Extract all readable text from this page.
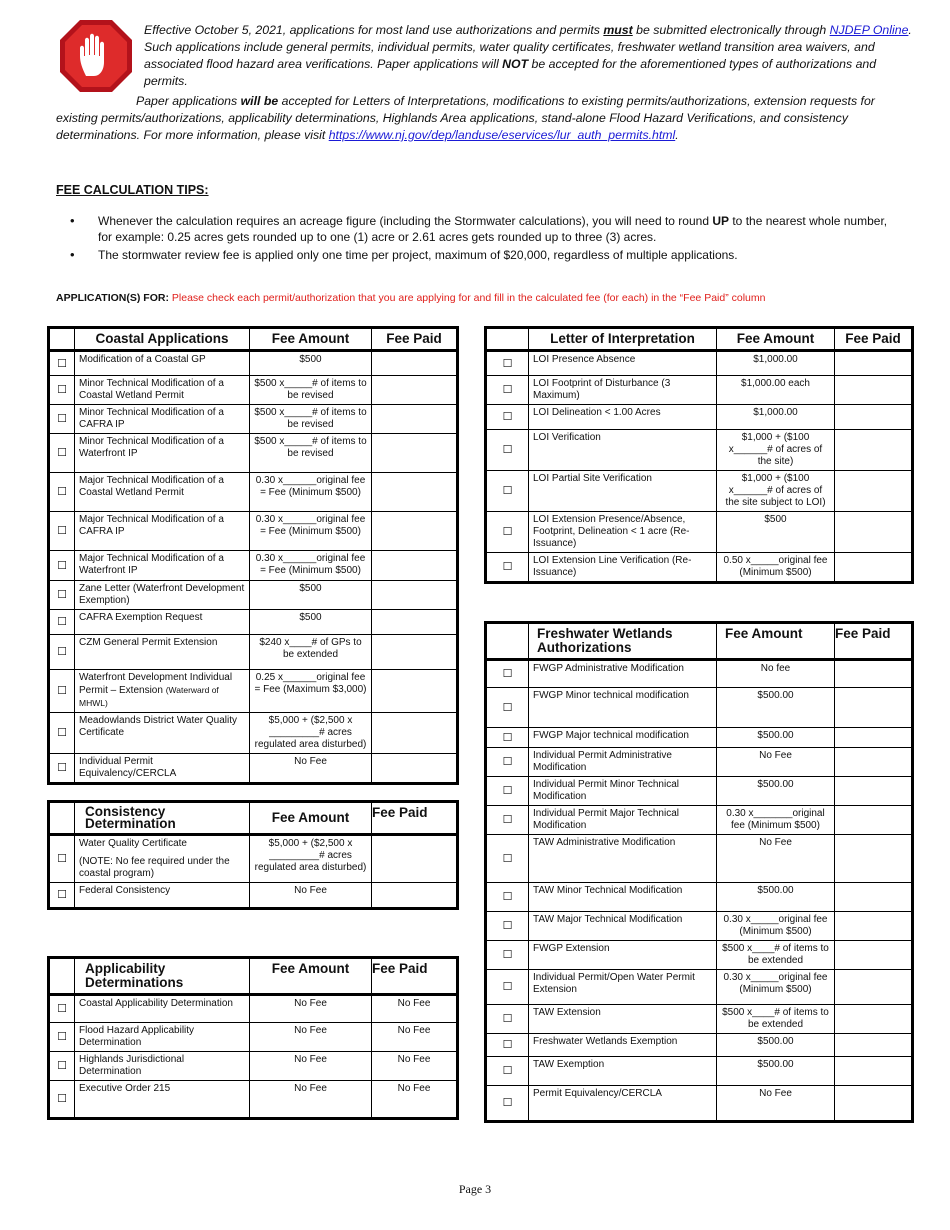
Effective October 5, 2021, applications for most land use authorizations and permits must be submitted electronically through NJDEP Online. Such applications include general permits, individual permits, water quality certificates, freshwater wetland transition area waivers, and associated flood hazard area verifications. Paper applications will NOT be accepted for the aforementioned types of authorizations and permits.

Paper applications will be accepted for Letters of Interpretations, modifications to existing permits/authorizations, extension requests for existing permits/authorizations, applicability determinations, Highlands Area applications, stand-alone Flood Hazard Verifications, and consistency determinations. For more information, please visit https://www.nj.gov/dep/landuse/eservices/lur_auth_permits.html.

FEE CALCULATION TIPS:
• Whenever the calculation requires an acreage figure (including the Stormwater calculations), you will need to round UP to the nearest whole number, for example: 0.25 acres gets rounded up to one (1) acre or 2.61 acres gets rounded up to three (3) acres.
• The stormwater review fee is applied only one time per project, maximum of $20,000, regardless of multiple applications.
APPLICATION(S) FOR: Please check each permit/authorization that you are applying for and fill in the calculated fee (for each) in the “Fee Paid” column
	Coastal Applications	Fee Amount	Fee Paid
☐	Modification of a Coastal GP	$500	
☐	Minor Technical Modification of a Coastal Wetland Permit	$500 x_____# of items to be revised	
☐	Minor Technical Modification of a CAFRA IP	$500 x_____# of items to be revised	
☐	Minor Technical Modification of a Waterfront IP	$500 x_____# of items to be revised	
☐	Major Technical Modification of a Coastal Wetland Permit	0.30 x______original fee = Fee (Minimum $500)	
☐	Major Technical Modification of a CAFRA IP	0.30 x______original fee = Fee (Minimum $500)	
☐	Major Technical Modification of a Waterfront IP	0.30 x______original fee = Fee (Minimum $500)	
☐	Zane Letter (Waterfront Development Exemption)	$500	
☐	CAFRA Exemption Request	$500	
☐	CZM General Permit Extension	$240 x____# of GPs to be extended	
☐	Waterfront Development Individual Permit – Extension (Waterward of MHWL)	0.25 x______original fee = Fee (Maximum $3,000)	
☐	Meadowlands District Water Quality Certificate	$5,000 + ($2,500 x _________# acres regulated area disturbed)	
☐	Individual Permit Equivalency/CERCLA	No Fee	
	Consistency Determination	Fee Amount	Fee Paid
☐	Water Quality Certificate
(NOTE: No fee required under the coastal program)	$5,000 + ($2,500 x _________# acres regulated area disturbed)	
☐	Federal Consistency	No Fee	
	Applicability Determinations	Fee Amount	Fee Paid
☐	Coastal Applicability Determination	No Fee	No Fee
☐	Flood Hazard Applicability Determination	No Fee	No Fee
☐	Highlands Jurisdictional Determination	No Fee	No Fee
☐	Executive Order 215	No Fee	No Fee
	Letter of Interpretation	Fee Amount	Fee Paid
☐	LOI Presence Absence	$1,000.00	
☐	LOI Footprint of Disturbance (3 Maximum)	$1,000.00 each	
☐	LOI Delineation < 1.00 Acres	$1,000.00	
☐	LOI Verification	$1,000 + ($100 x______# of acres of the site)	
☐	LOI Partial Site Verification	$1,000 + ($100 x______# of acres of the site subject to LOI)	
☐	LOI Extension Presence/Absence, Footprint, Delineation < 1 acre (Re-Issuance)	$500	
☐	LOI Extension Line Verification (Re-Issuance)	0.50 x_____original fee (Minimum $500)	
	Freshwater Wetlands Authorizations	Fee Amount	Fee Paid
☐	FWGP Administrative Modification	No fee	
☐	FWGP Minor technical modification	$500.00	
☐	FWGP Major technical modification	$500.00	
☐	Individual Permit Administrative Modification	No Fee	
☐	Individual Permit Minor Technical Modification	$500.00	
☐	Individual Permit Major Technical Modification	0.30 x_______original fee (Minimum $500)	
☐	TAW Administrative Modification	No Fee	
☐	TAW Minor Technical Modification	$500.00	
☐	TAW Major Technical Modification	0.30 x_____original fee (Minimum $500)	
☐	FWGP Extension	$500 x____# of items to be extended	
☐	Individual Permit/Open Water Permit Extension	0.30 x_____original fee (Minimum $500)	
☐	TAW Extension	$500 x____# of items to be extended	
☐	Freshwater Wetlands Exemption	$500.00	
☐	TAW Exemption	$500.00	
☐	Permit Equivalency/CERCLA	No Fee	
Page 3
